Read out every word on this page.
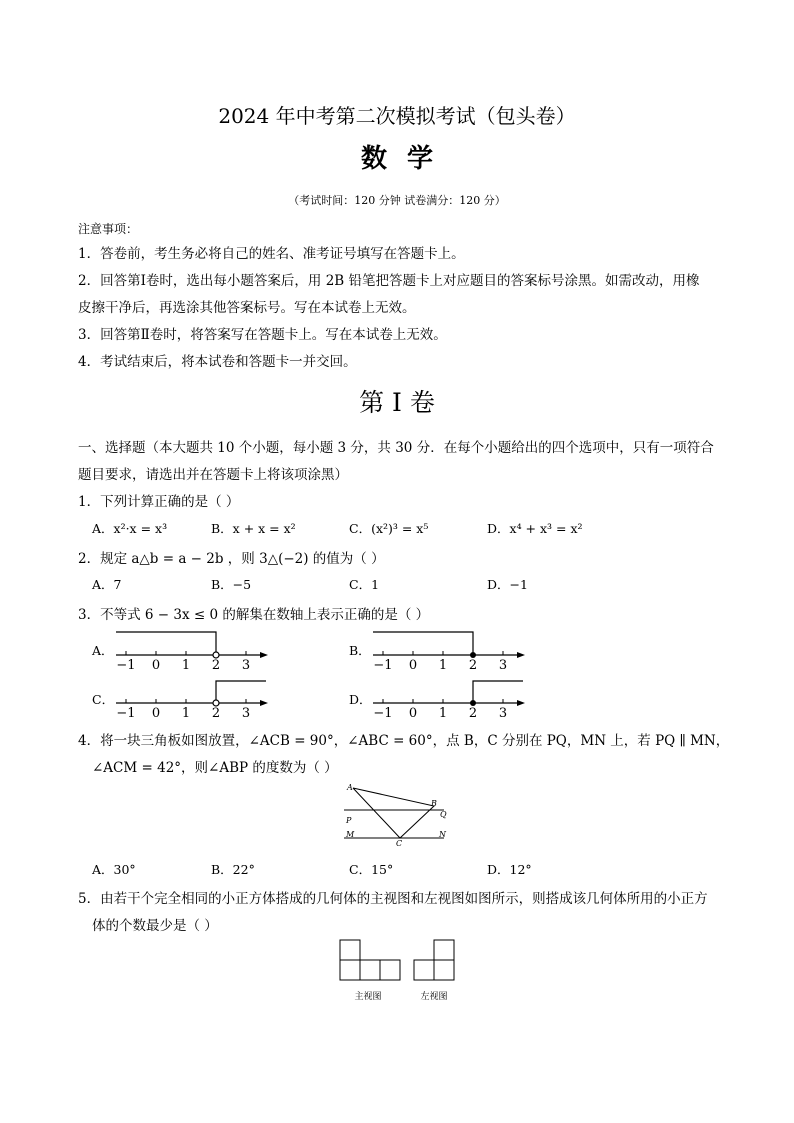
2024 年中考第二次模拟考试（包头卷）
数学
（考试时间：120 分钟 试卷满分：120 分）
注意事项：
1．答卷前，考生务必将自己的姓名、准考证号填写在答题卡上。
2．回答第Ⅰ卷时，选出每小题答案后，用 2B 铅笔把答题卡上对应题目的答案标号涂黑。如需改动，用橡
皮擦干净后，再选涂其他答案标号。写在本试卷上无效。
3．回答第Ⅱ卷时，将答案写在答题卡上。写在本试卷上无效。
4．考试结束后，将本试卷和答题卡一并交回。
第 I 卷
一、选择题（本大题共 10 个小题，每小题 3 分，共 30 分．在每个小题给出的四个选项中，只有一项符合
题目要求，请选出并在答题卡上将该项涂黑）
1．下列计算正确的是（ ）
A．x²·x = x³	B．x + x = x²	C．(x²)³ = x⁵	D．x⁴ + x³ = x²
2．规定 a△b = a − 2b ，则 3△(−2) 的值为（ ）
A．7	B．−5	C．1	D．−1
3．不等式 6 − 3x ≤ 0 的解集在数轴上表示正确的是（ ）
A．	B．
C．	D．
−1 0 1 2 3	−1 0 1 2 3
−1 0 1 2 3	−1 0 1 2 3
4．将一块三角板如图放置，∠ACB = 90°，∠ABC = 60°，点 B，C 分别在 PQ，MN 上，若 PQ ∥ MN，
∠ACM = 42°，则∠ABP 的度数为（ ）
A
B
P
Q
M	N
C
A．30°	B．22°	C．15°	D．12°
5．由若干个完全相同的小正方体搭成的几何体的主视图和左视图如图所示，则搭成该几何体所用的小正方
体的个数最少是（ ）
主视图	左视图
